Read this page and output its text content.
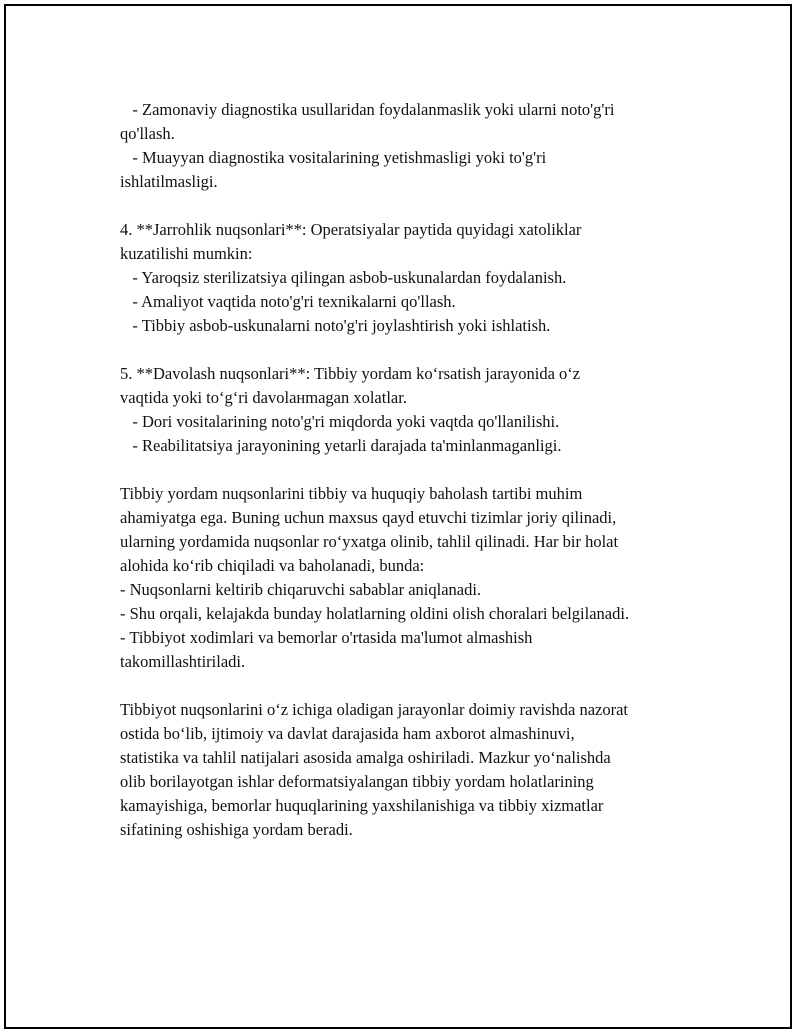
- Zamonaviy diagnostika usullaridan foydalanmaslik yoki ularni noto'g'ri
qo'llash.
- Muayyan diagnostika vositalarining yetishmasligi yoki to'g'ri
ishlatilmasligi.
4. **Jarrohlik nuqsonlari**: Operatsiyalar paytida quyidagi xatoliklar
kuzatilishi mumkin:
- Yaroqsiz sterilizatsiya qilingan asbob-uskunalardan foydalanish.
- Amaliyot vaqtida noto'g'ri texnikalarni qo'llash.
- Tibbiy asbob-uskunalarni noto'g'ri joylashtirish yoki ishlatish.
5. **Davolash nuqsonlari**: Tibbiy yordam koʻrsatish jarayonida oʻz
vaqtida yoki toʻgʻri davolaнmagan xolatlar.
- Dori vositalarining noto'g'ri miqdorda yoki vaqtda qo'llanilishi.
- Reabilitatsiya jarayonining yetarli darajada ta'minlanmaganligi.
Tibbiy yordam nuqsonlarini tibbiy va huquqiy baholash tartibi muhim
ahamiyatga ega. Buning uchun maxsus qayd etuvchi tizimlar joriy qilinadi,
ularning yordamida nuqsonlar roʻyxatga olinib, tahlil qilinadi. Har bir holat
alohida koʻrib chiqiladi va baholanadi, bunda:
- Nuqsonlarni keltirib chiqaruvchi sabablar aniqlanadi.
- Shu orqali, kelajakda bunday holatlarning oldini olish choralari belgilanadi.
- Tibbiyot xodimlari va bemorlar o'rtasida ma'lumot almashish
takomillashtiriladi.
Tibbiyot nuqsonlarini oʻz ichiga oladigan jarayonlar doimiy ravishda nazorat
ostida boʻlib, ijtimoiy va davlat darajasida ham axborot almashinuvi,
statistika va tahlil natijalari asosida amalga oshiriladi. Mazkur yoʻnalishda
olib borilayotgan ishlar deformatsiyalangan tibbiy yordam holatlarining
kamayishiga, bemorlar huquqlarining yaxshilanishiga va tibbiy xizmatlar
sifatining oshishiga yordam beradi.
